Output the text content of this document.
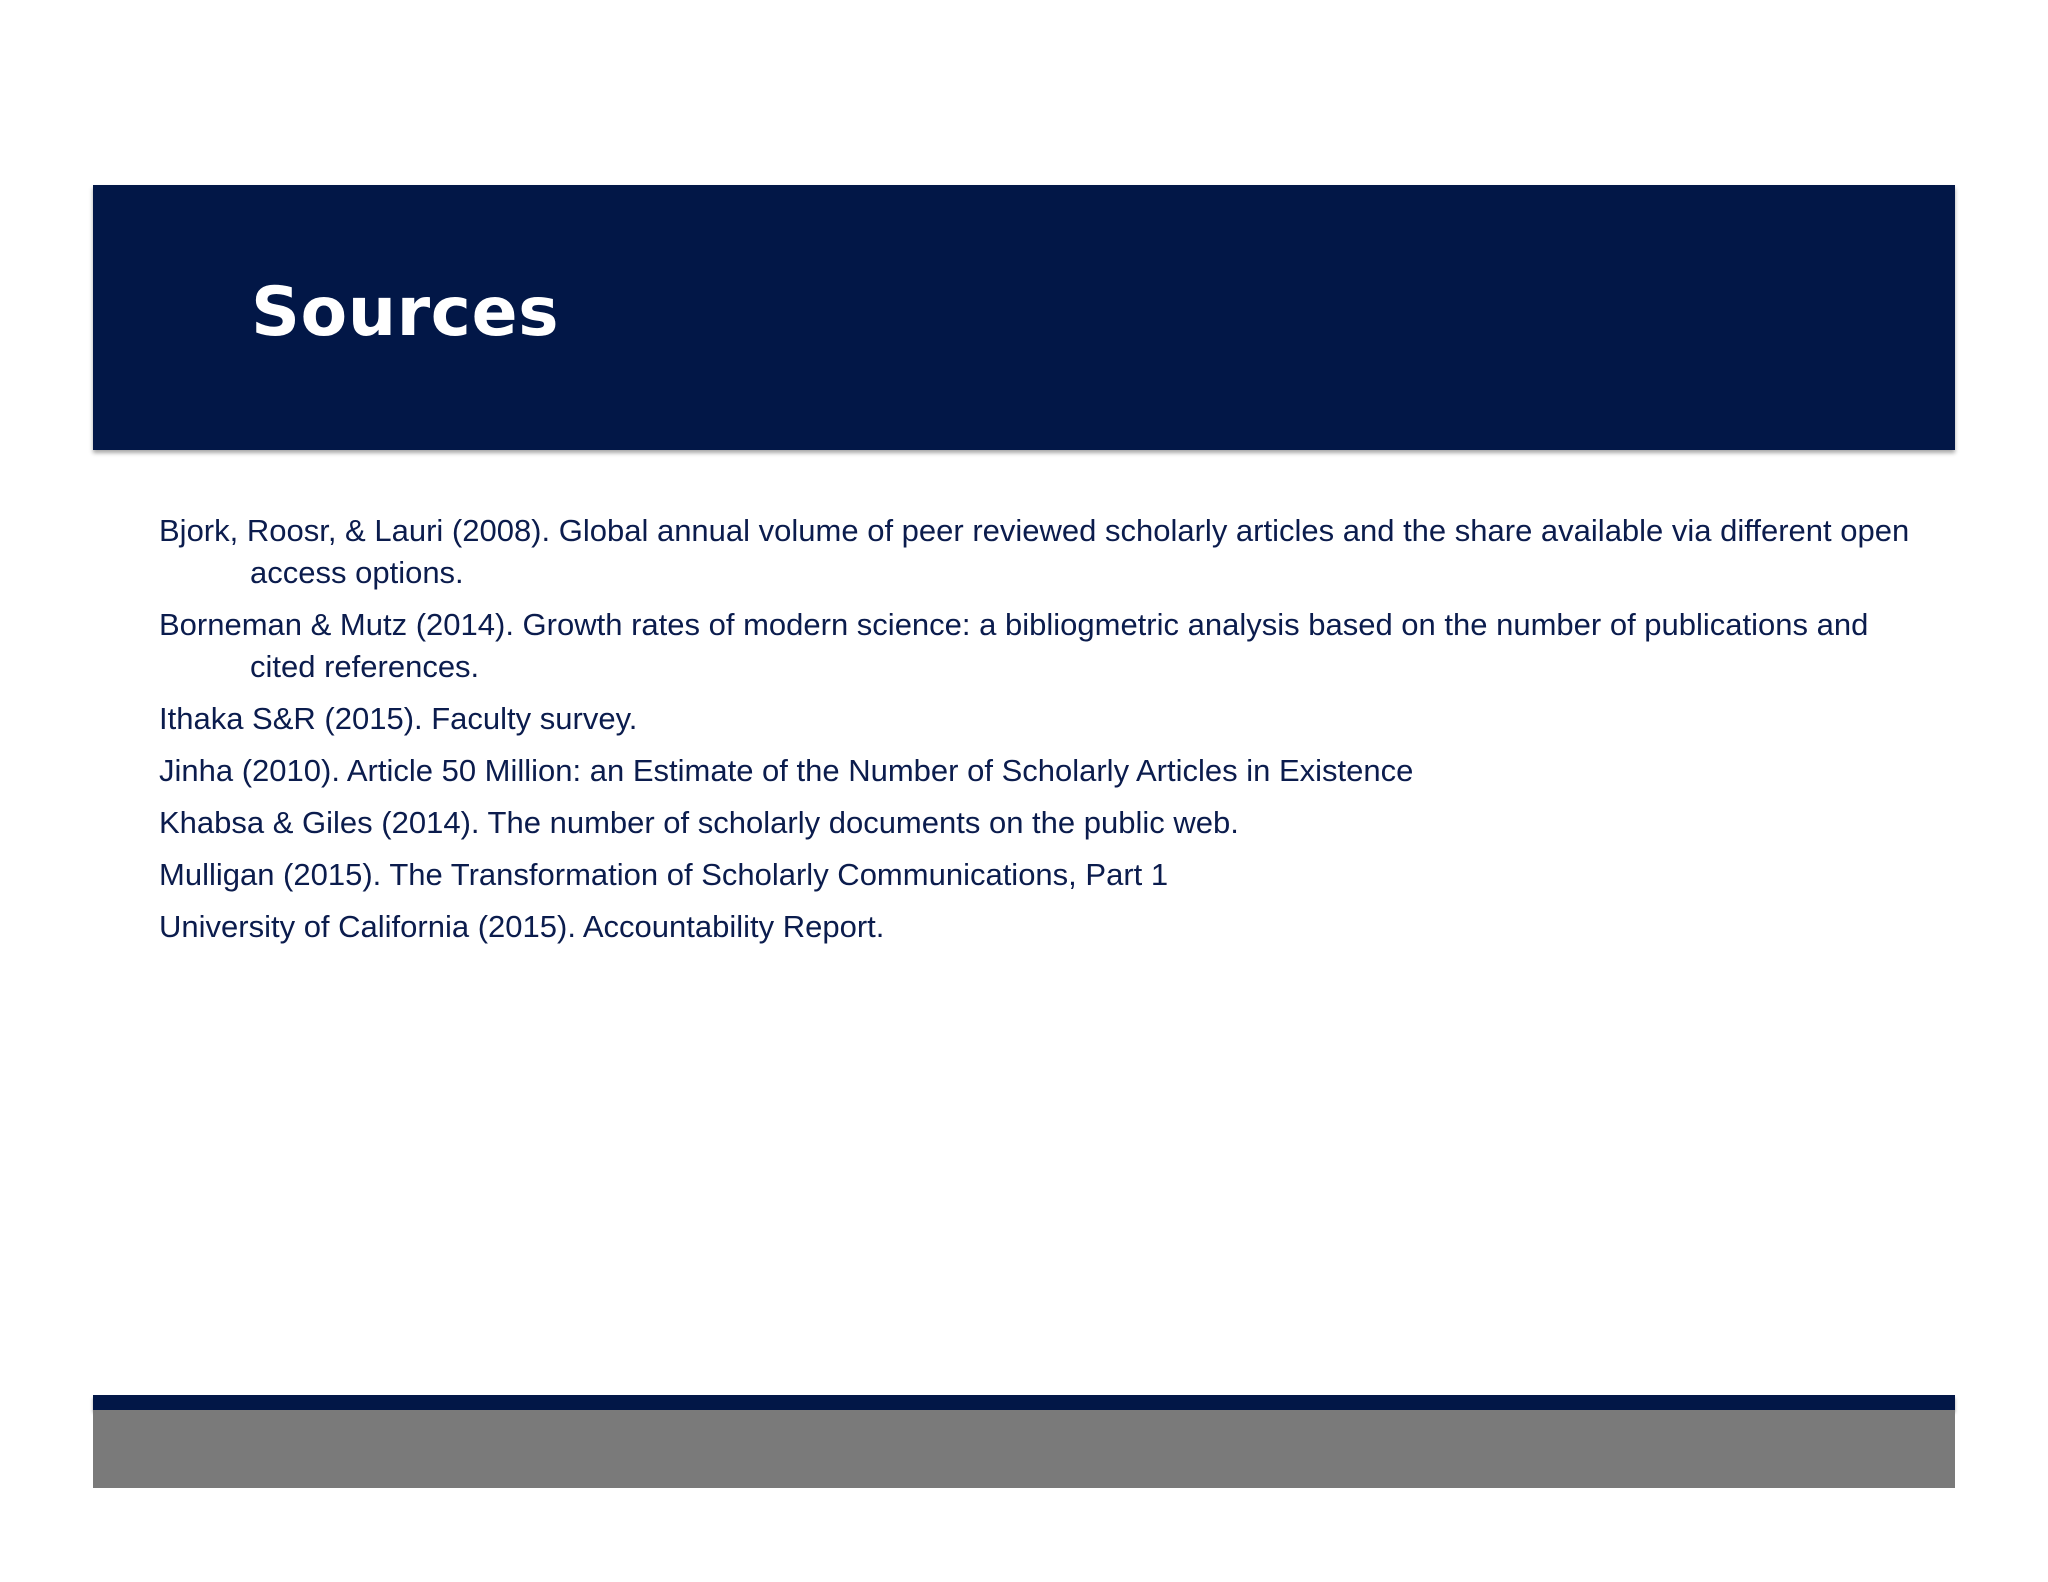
Sources
Bjork, Roosr, & Lauri (2008). Global annual volume of peer reviewed scholarly articles and the share available via different open access options.
Borneman & Mutz (2014). Growth rates of modern science: a bibliogmetric analysis based on the number of publications and cited references.
Ithaka S&R (2015). Faculty survey.
Jinha (2010). Article 50 Million: an Estimate of the Number of Scholarly Articles in Existence
Khabsa & Giles (2014). The number of scholarly documents on the public web.
Mulligan (2015). The Transformation of Scholarly Communications, Part 1
University of California (2015). Accountability Report.
